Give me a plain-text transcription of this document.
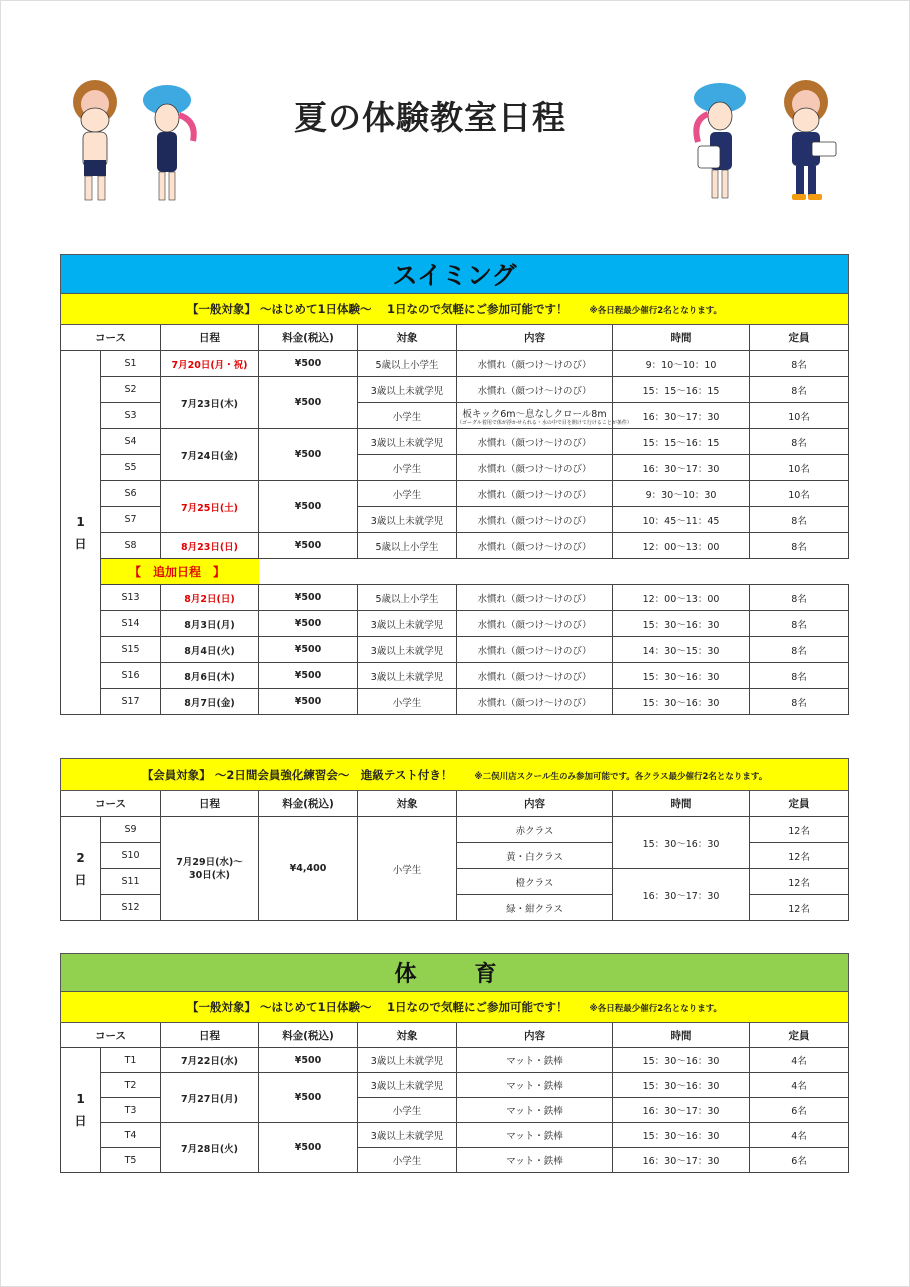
夏の体験教室日程
スイミング							
【一般対象】 ～はじめて1日体験～ 　1日なので気軽にご参加可能です！ ※各日程最少催行2名となります。							
コース		日程	料金(税込)	対象	内容	時間	定員
1日	S1	7月20日(月・祝)	¥500	5歳以上小学生	水慣れ（顔つけ～けのび）	9：10～10：10	8名
	S2	7月23日(木)	¥500	3歳以上未就学児	水慣れ（顔つけ～けのび）	15：15～16：15	8名
	S3			小学生	板キック6m～息なしクロール8m
（ゴーグル着用で体が浮かせられる・水の中で目を開けて行けることが条件）	16：30～17：30	10名
	S4	7月24日(金)	¥500	3歳以上未就学児	水慣れ（顔つけ～けのび）	15：15～16：15	8名
	S5			小学生	水慣れ（顔つけ～けのび）	16：30～17：30	10名
	S6	7月25日(土)	¥500	小学生	水慣れ（顔つけ～けのび）	9：30～10：30	10名
	S7			3歳以上未就学児	水慣れ（顔つけ～けのび）	10：45～11：45	8名
	S8	8月23日(日)	¥500	5歳以上小学生	水慣れ（顔つけ～けのび）	12：00～13：00	8名
	【　追加日程　】						
	S13	8月2日(日)	¥500	5歳以上小学生	水慣れ（顔つけ～けのび）	12：00～13：00	8名
	S14	8月3日(月)	¥500	3歳以上未就学児	水慣れ（顔つけ～けのび）	15：30～16：30	8名
	S15	8月4日(火)	¥500	3歳以上未就学児	水慣れ（顔つけ～けのび）	14：30～15：30	8名
	S16	8月6日(木)	¥500	3歳以上未就学児	水慣れ（顔つけ～けのび）	15：30～16：30	8名
	S17	8月7日(金)	¥500	小学生	水慣れ（顔つけ～けのび）	15：30～16：30	8名
【会員対象】 ～2日間会員強化練習会～　進級テスト付き！ ※二俣川店スクール生のみ参加可能です。各クラス最少催行2名となります。							
コース		日程	料金(税込)	対象	内容	時間	定員
2日	S9	7月29日(水)～
30日(木)	¥4,400	小学生	赤クラス	15：30～16：30	12名
	S10				黄・白クラス		12名
	S11				橙クラス	16：30～17：30	12名
	S12				緑・紺クラス		12名
体　育							
【一般対象】 ～はじめて1日体験～ 　1日なので気軽にご参加可能です！ ※各日程最少催行2名となります。							
コース		日程	料金(税込)	対象	内容	時間	定員
1日	T1	7月22日(水)	¥500	3歳以上未就学児	マット・鉄棒	15：30～16：30	4名
	T2	7月27日(月)	¥500	3歳以上未就学児	マット・鉄棒	15：30～16：30	4名
	T3			小学生	マット・鉄棒	16：30～17：30	6名
	T4	7月28日(火)	¥500	3歳以上未就学児	マット・鉄棒	15：30～16：30	4名
	T5			小学生	マット・鉄棒	16：30～17：30	6名
